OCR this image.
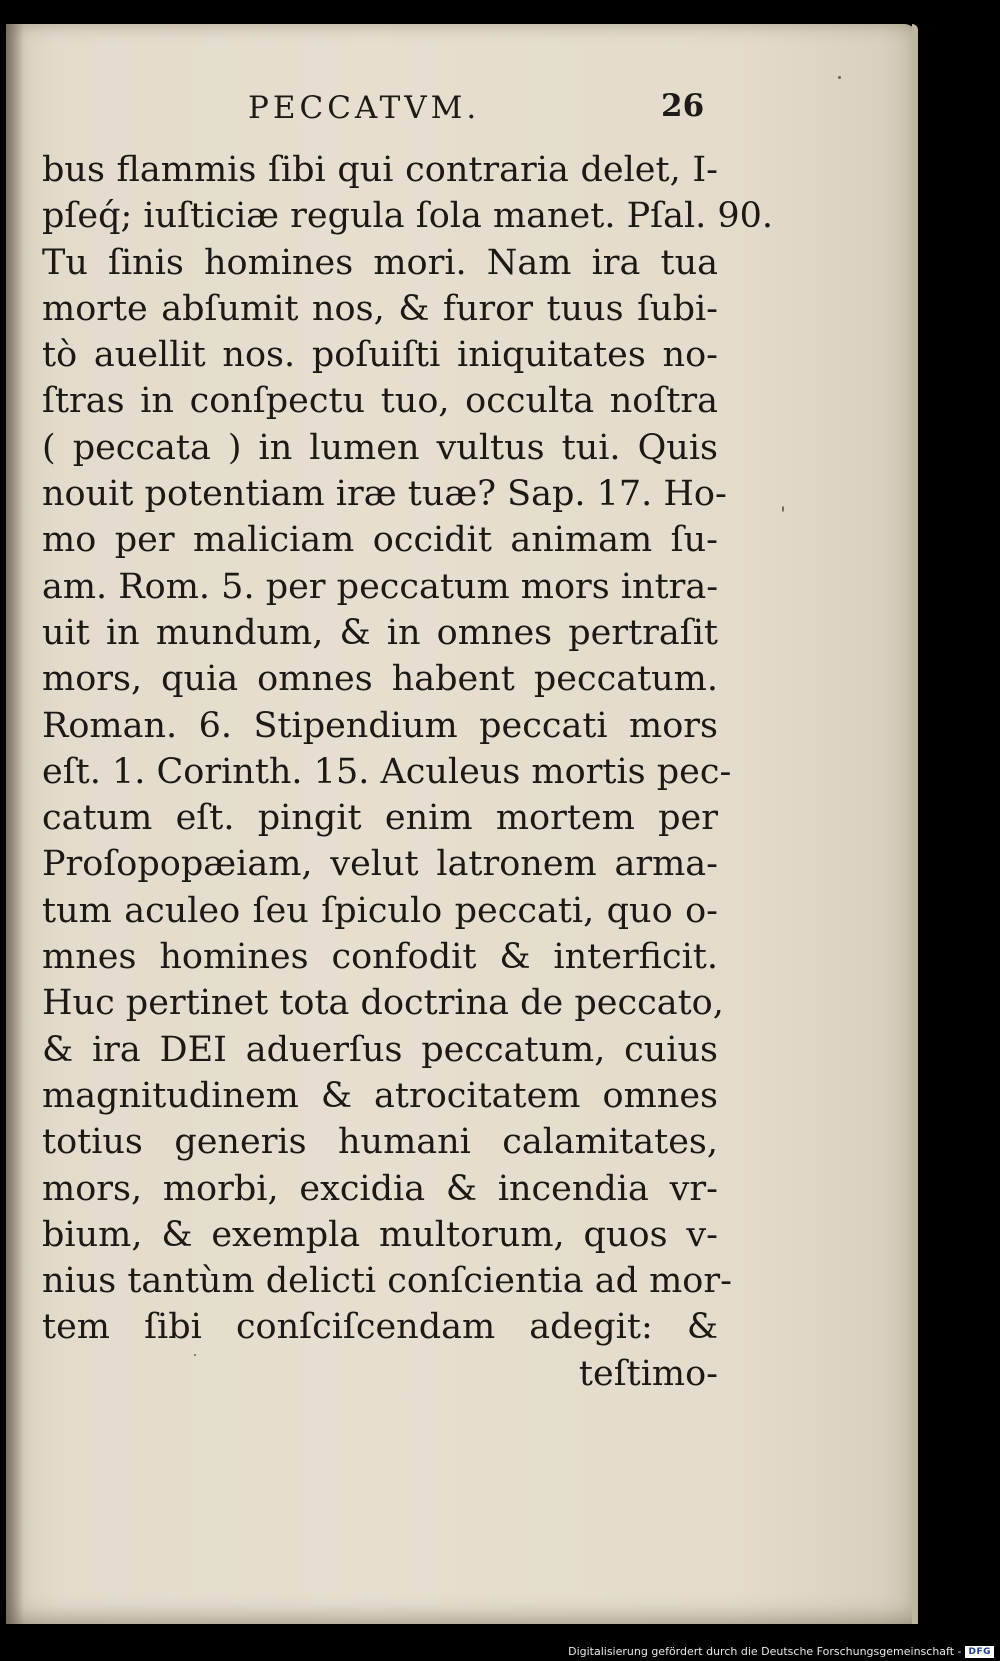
PECCATVM.	26
bus flammis ſibi qui contraria delet, I-
pſeq́; iuſticiæ regula ſola manet. Pſal. 90.
Tu ſinis homines mori. Nam ira tua
morte abſumit nos, & furor tuus ſubi-
tò auellit nos. poſuiſti iniquitates no-
ſtras in conſpectu tuo, occulta noſtra
( peccata ) in lumen vultus tui. Quis
nouit potentiam iræ tuæ? Sap. 17. Ho-
mo per maliciam occidit animam ſu-
am. Rom. 5. per peccatum mors intra-
uit in mundum, & in omnes pertraſit
mors, quia omnes habent peccatum.
Roman. 6. Stipendium peccati mors
eſt. 1. Corinth. 15. Aculeus mortis pec-
catum eſt. pingit enim mortem per
Proſopopæiam, velut latronem arma-
tum aculeo ſeu ſpiculo peccati, quo o-
mnes homines confodit & interficit.
Huc pertinet tota doctrina de peccato,
& ira DEI aduerſus peccatum, cuius
magnitudinem & atrocitatem omnes
totius generis humani calamitates,
mors, morbi, excidia & incendia vr-
bium, & exempla multorum, quos v-
nius tantùm delicti conſcientia ad mor-
tem ſibi conſciſcendam adegit: &
teſtimo-
Digitalisierung gefördert durch die Deutsche Forschungsgemeinschaft - DFG
